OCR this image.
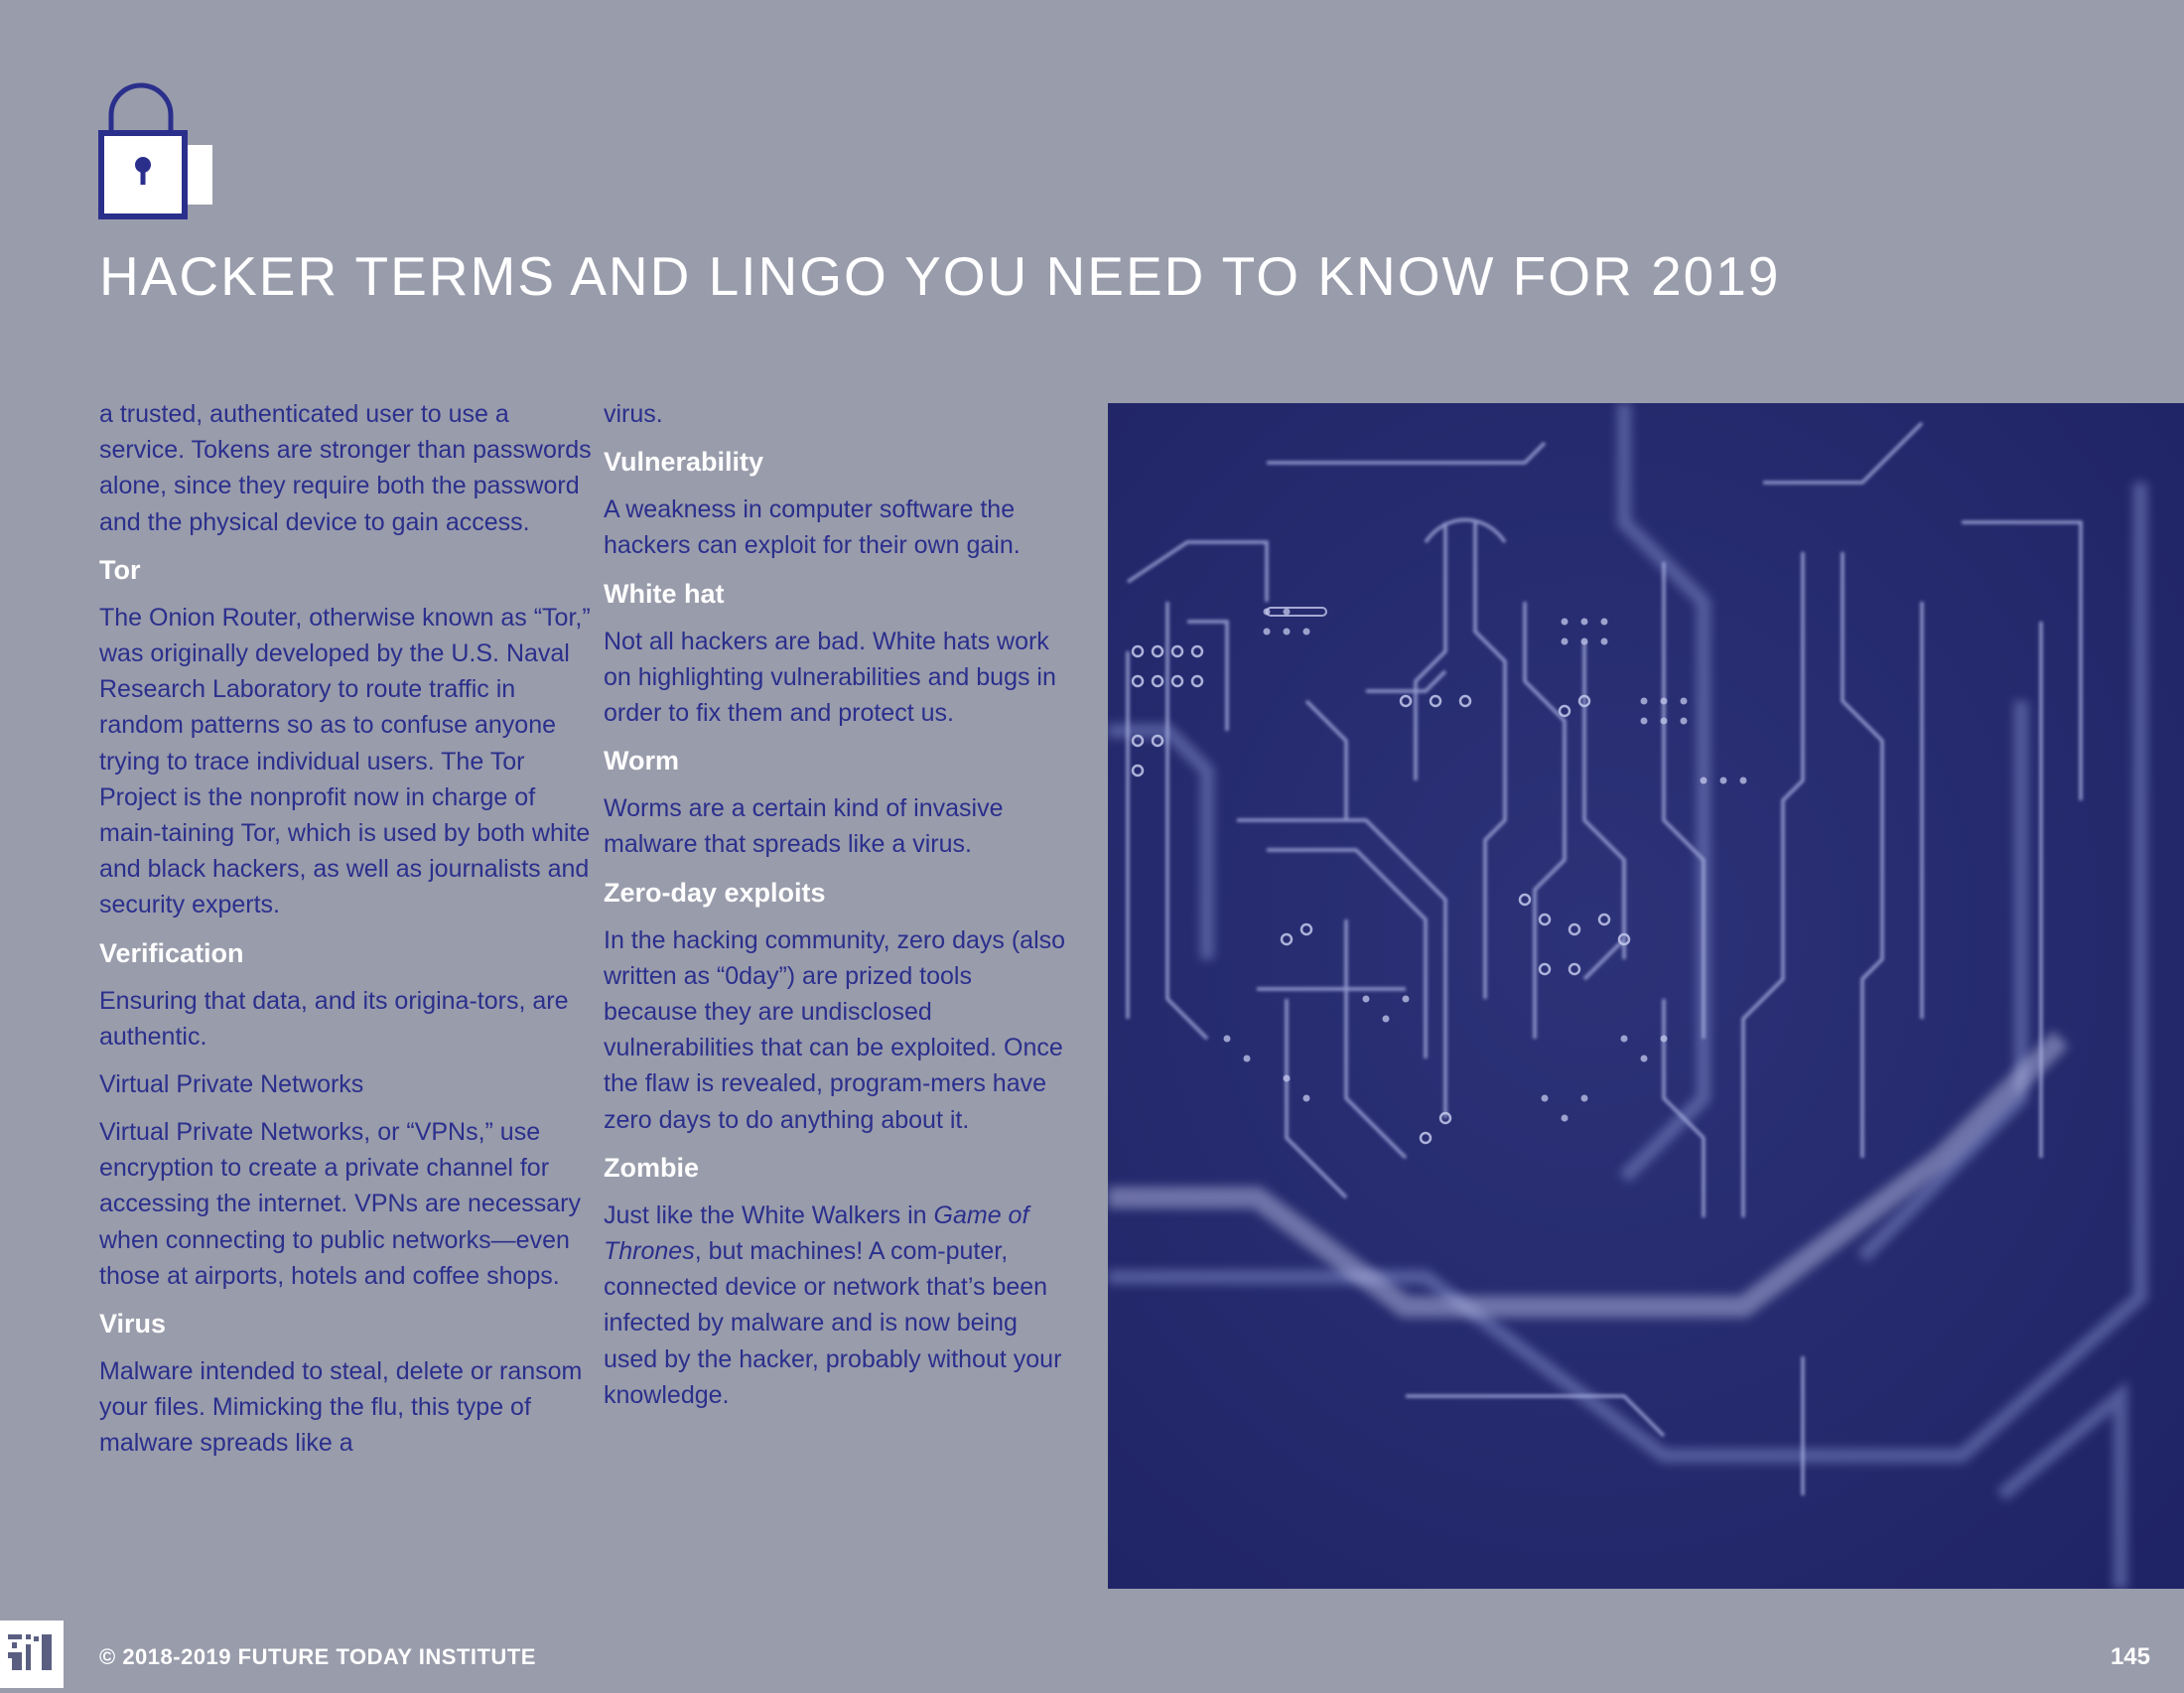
HACKER TERMS AND LINGO YOU NEED TO KNOW FOR 2019

a trusted, authenticated user to use a service. Tokens are stronger than passwords alone, since they require both the password and the physical device to gain access.

Tor

The Onion Router, otherwise known as “Tor,” was originally developed by the U.S. Naval Research Laboratory to route traffic in random patterns so as to confuse anyone trying to trace individual users. The Tor Project is the nonprofit now in charge of main-taining Tor, which is used by both white and black hackers, as well as journalists and security experts.

Verification

Ensuring that data, and its origina-tors, are authentic.

Virtual Private Networks

Virtual Private Networks, or “VPNs,” use encryption to create a private channel for accessing the internet. VPNs are necessary when connecting to public networks—even those at airports, hotels and coffee shops.

Virus

Malware intended to steal, delete or ransom your files. Mimicking the flu, this type of malware spreads like a

virus.

Vulnerability

A weakness in computer software the hackers can exploit for their own gain.

White hat

Not all hackers are bad. White hats work on highlighting vulnerabilities and bugs in order to fix them and protect us.

Worm

Worms are a certain kind of invasive malware that spreads like a virus.

Zero-day exploits

In the hacking community, zero days (also written as “0day”) are prized tools because they are undisclosed vulnerabilities that can be exploited. Once the flaw is revealed, program-mers have zero days to do anything about it.

Zombie

Just like the White Walkers in Game of Thrones, but machines! A com-puter, connected device or network that’s been infected by malware and is now being used by the hacker, probably without your knowledge.

© 2018-2019 FUTURE TODAY INSTITUTE	145
